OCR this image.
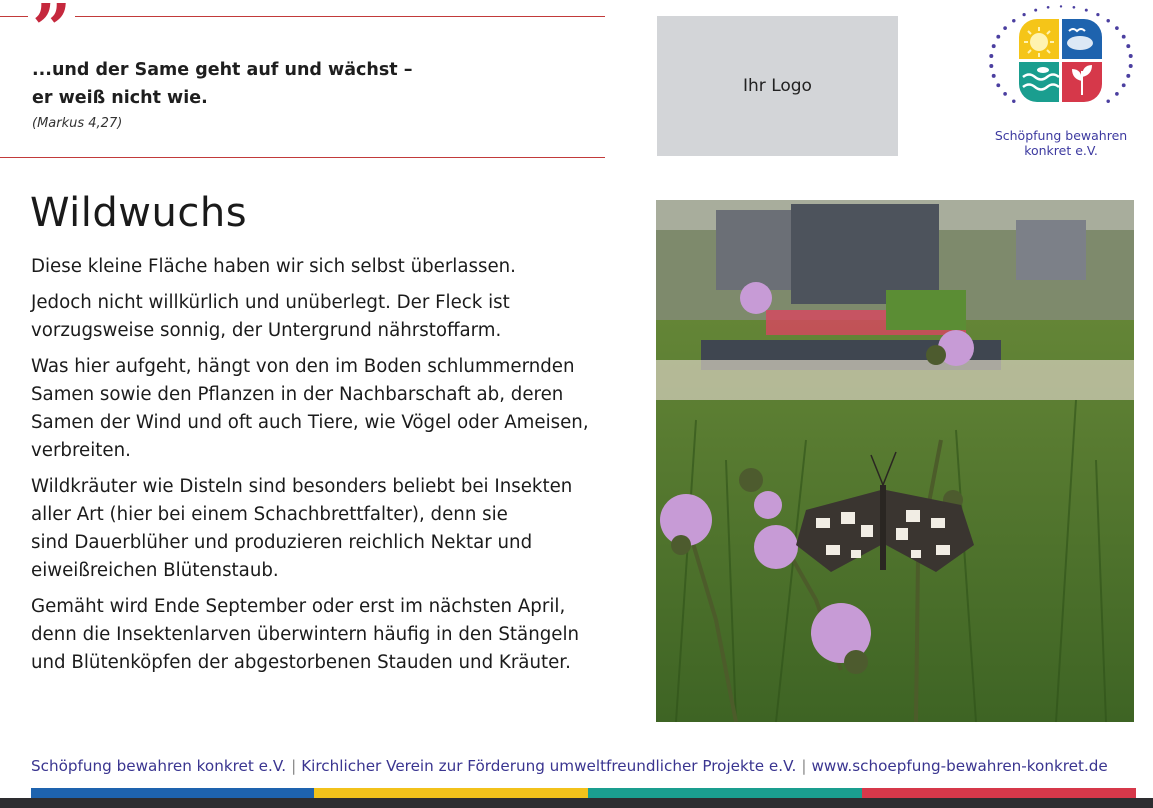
”
...und der Same geht auf und wächst –
er weiß nicht wie.
(Markus 4,27)
Ihr Logo
Schöpfung bewahren
konkret e.V.
Wildwuchs

Diese kleine Fläche haben wir sich selbst überlassen.

Jedoch nicht willkürlich und unüberlegt. Der Fleck ist
vorzugsweise sonnig, der Untergrund nährstoffarm.

Was hier aufgeht, hängt von den im Boden schlummernden
Samen sowie den Pflanzen in der Nachbarschaft ab, deren
Samen der Wind und oft auch Tiere, wie Vögel oder Ameisen,
verbreiten.

Wildkräuter wie Disteln sind besonders beliebt bei Insekten
aller Art (hier bei einem Schachbrettfalter), denn sie
sind Dauerblüher und produzieren reichlich Nektar und
eiweißreichen Blütenstaub.

Gemäht wird Ende September oder erst im nächsten April,
denn die Insektenlarven überwintern häufig in den Stängeln
und Blütenköpfen der abgestorbenen Stauden und Kräuter.

Schöpfung bewahren konkret e.V. | Kirchlicher Verein zur Förderung umweltfreundlicher Projekte e.V. | www.schoepfung-bewahren-konkret.de
